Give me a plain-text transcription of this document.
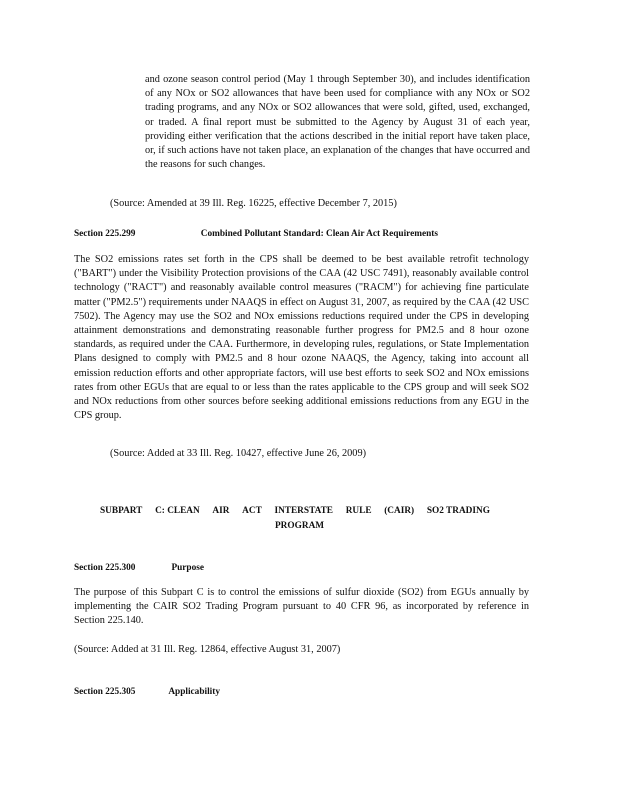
and ozone season control period (May 1 through September 30), and includes identification of any NOx or SO2 allowances that have been used for compliance with any NOx or SO2 trading programs, and any NOx or SO2 allowances that were sold, gifted, used, exchanged, or traded. A final report must be submitted to the Agency by August 31 of each year, providing either verification that the actions described in the initial report have taken place, or, if such actions have not taken place, an explanation of the changes that have occurred and the reasons for such changes.
(Source: Amended at 39 Ill. Reg. 16225, effective December 7, 2015)
Section 225.299	Combined Pollutant Standard: Clean Air Act Requirements
The SO2 emissions rates set forth in the CPS shall be deemed to be best available retrofit technology ("BART") under the Visibility Protection provisions of the CAA (42 USC 7491), reasonably available control technology ("RACT") and reasonably available control measures ("RACM") for achieving fine particulate matter ("PM2.5") requirements under NAAQS in effect on August 31, 2007, as required by the CAA (42 USC 7502). The Agency may use the SO2 and NOx emissions reductions required under the CPS in developing attainment demonstrations and demonstrating reasonable further progress for PM2.5 and 8 hour ozone standards, as required under the CAA. Furthermore, in developing rules, regulations, or State Implementation Plans designed to comply with PM2.5 and 8 hour ozone NAAQS, the Agency, taking into account all emission reduction efforts and other appropriate factors, will use best efforts to seek SO2 and NOx emissions rates from other EGUs that are equal to or less than the rates applicable to the CPS group and will seek SO2 and NOx reductions from other sources before seeking additional emissions reductions from any EGU in the CPS group.
(Source: Added at 33 Ill. Reg. 10427, effective June 26, 2009)
SUBPART C: CLEAN AIR ACT INTERSTATE RULE (CAIR) SO2 TRADING
PROGRAM
Section 225.300	Purpose
The purpose of this Subpart C is to control the emissions of sulfur dioxide (SO2) from EGUs annually by implementing the CAIR SO2 Trading Program pursuant to 40 CFR 96, as incorporated by reference in Section 225.140.
(Source: Added at 31 Ill. Reg. 12864, effective August 31, 2007)
Section 225.305	Applicability
